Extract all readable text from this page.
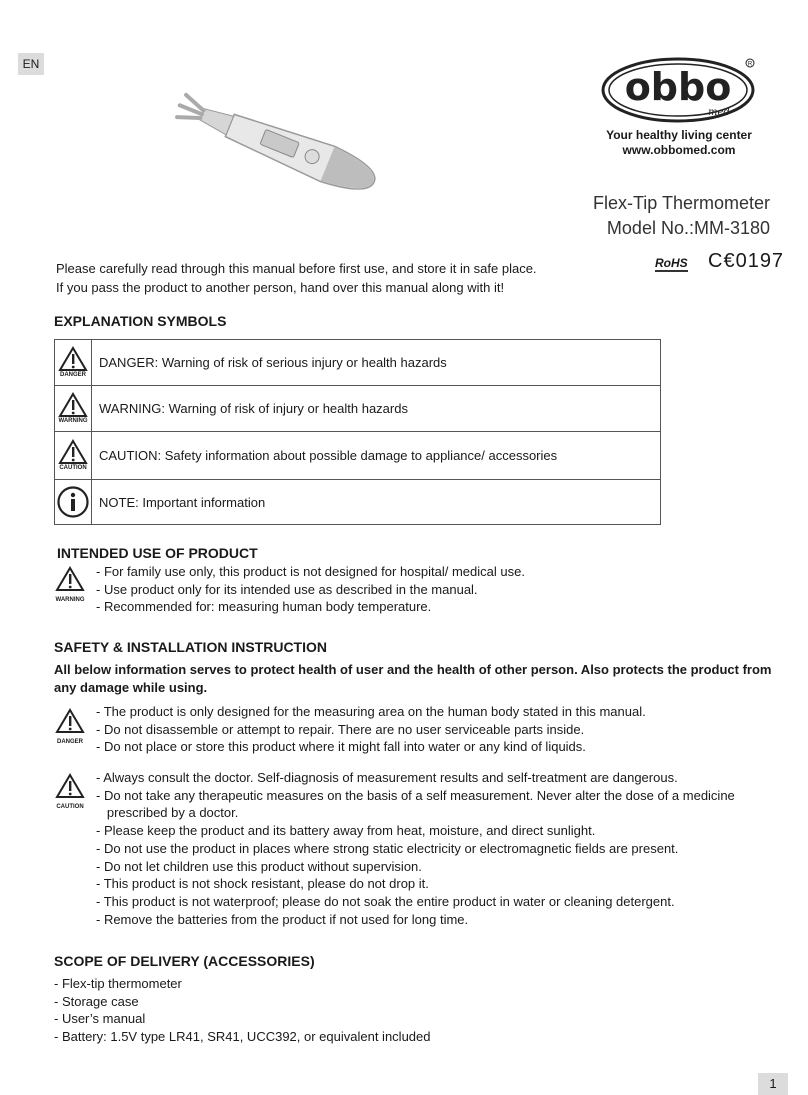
EN
obbo
med
R
Your healthy living center
www.obbomed.com
Flex-Tip Thermometer
Model No.:MM-3180
RoHS C€0197
Please carefully read through this manual before first use, and store it in safe place.
If you pass the product to another person, hand over this manual along with it!
EXPLANATION SYMBOLS
DANGER	DANGER: Warning of risk of serious injury or health hazards

WARNING	WARNING: Warning of risk of injury or health hazards

CAUTION	CAUTION: Safety information about possible damage to appliance/ accessories

	NOTE: Important information
INTENDED USE OF PRODUCT
WARNING
- For family use only, this product is not designed for hospital/ medical use.
- Use product only for its intended use as described in the manual.
- Recommended for: measuring human body temperature.
SAFETY & INSTALLATION INSTRUCTION
All below information serves to protect health of user and the health of other person. Also protects the product from any damage while using.
DANGER
- The product is only designed for the measuring area on the human body stated in this manual.
- Do not disassemble or attempt to repair. There are no user serviceable parts inside.
- Do not place or store this product where it might fall into water or any kind of liquids.
CAUTION
- Always consult the doctor. Self-diagnosis of measurement results and self-treatment are dangerous.
- Do not take any therapeutic measures on the basis of a self measurement. Never alter the dose of a medicine
prescribed by a doctor.
- Please keep the product and its battery away from heat, moisture, and direct sunlight.
- Do not use the product in places where strong static electricity or electromagnetic fields are present.
- Do not let children use this product without supervision.
- This product is not shock resistant, please do not drop it.
- This product is not waterproof; please do not soak the entire product in water or cleaning detergent.
- Remove the batteries from the product if not used for long time.
SCOPE OF DELIVERY (ACCESSORIES)
- Flex-tip thermometer
- Storage case
- User’s manual
- Battery: 1.5V type LR41, SR41, UCC392, or equivalent included
1
